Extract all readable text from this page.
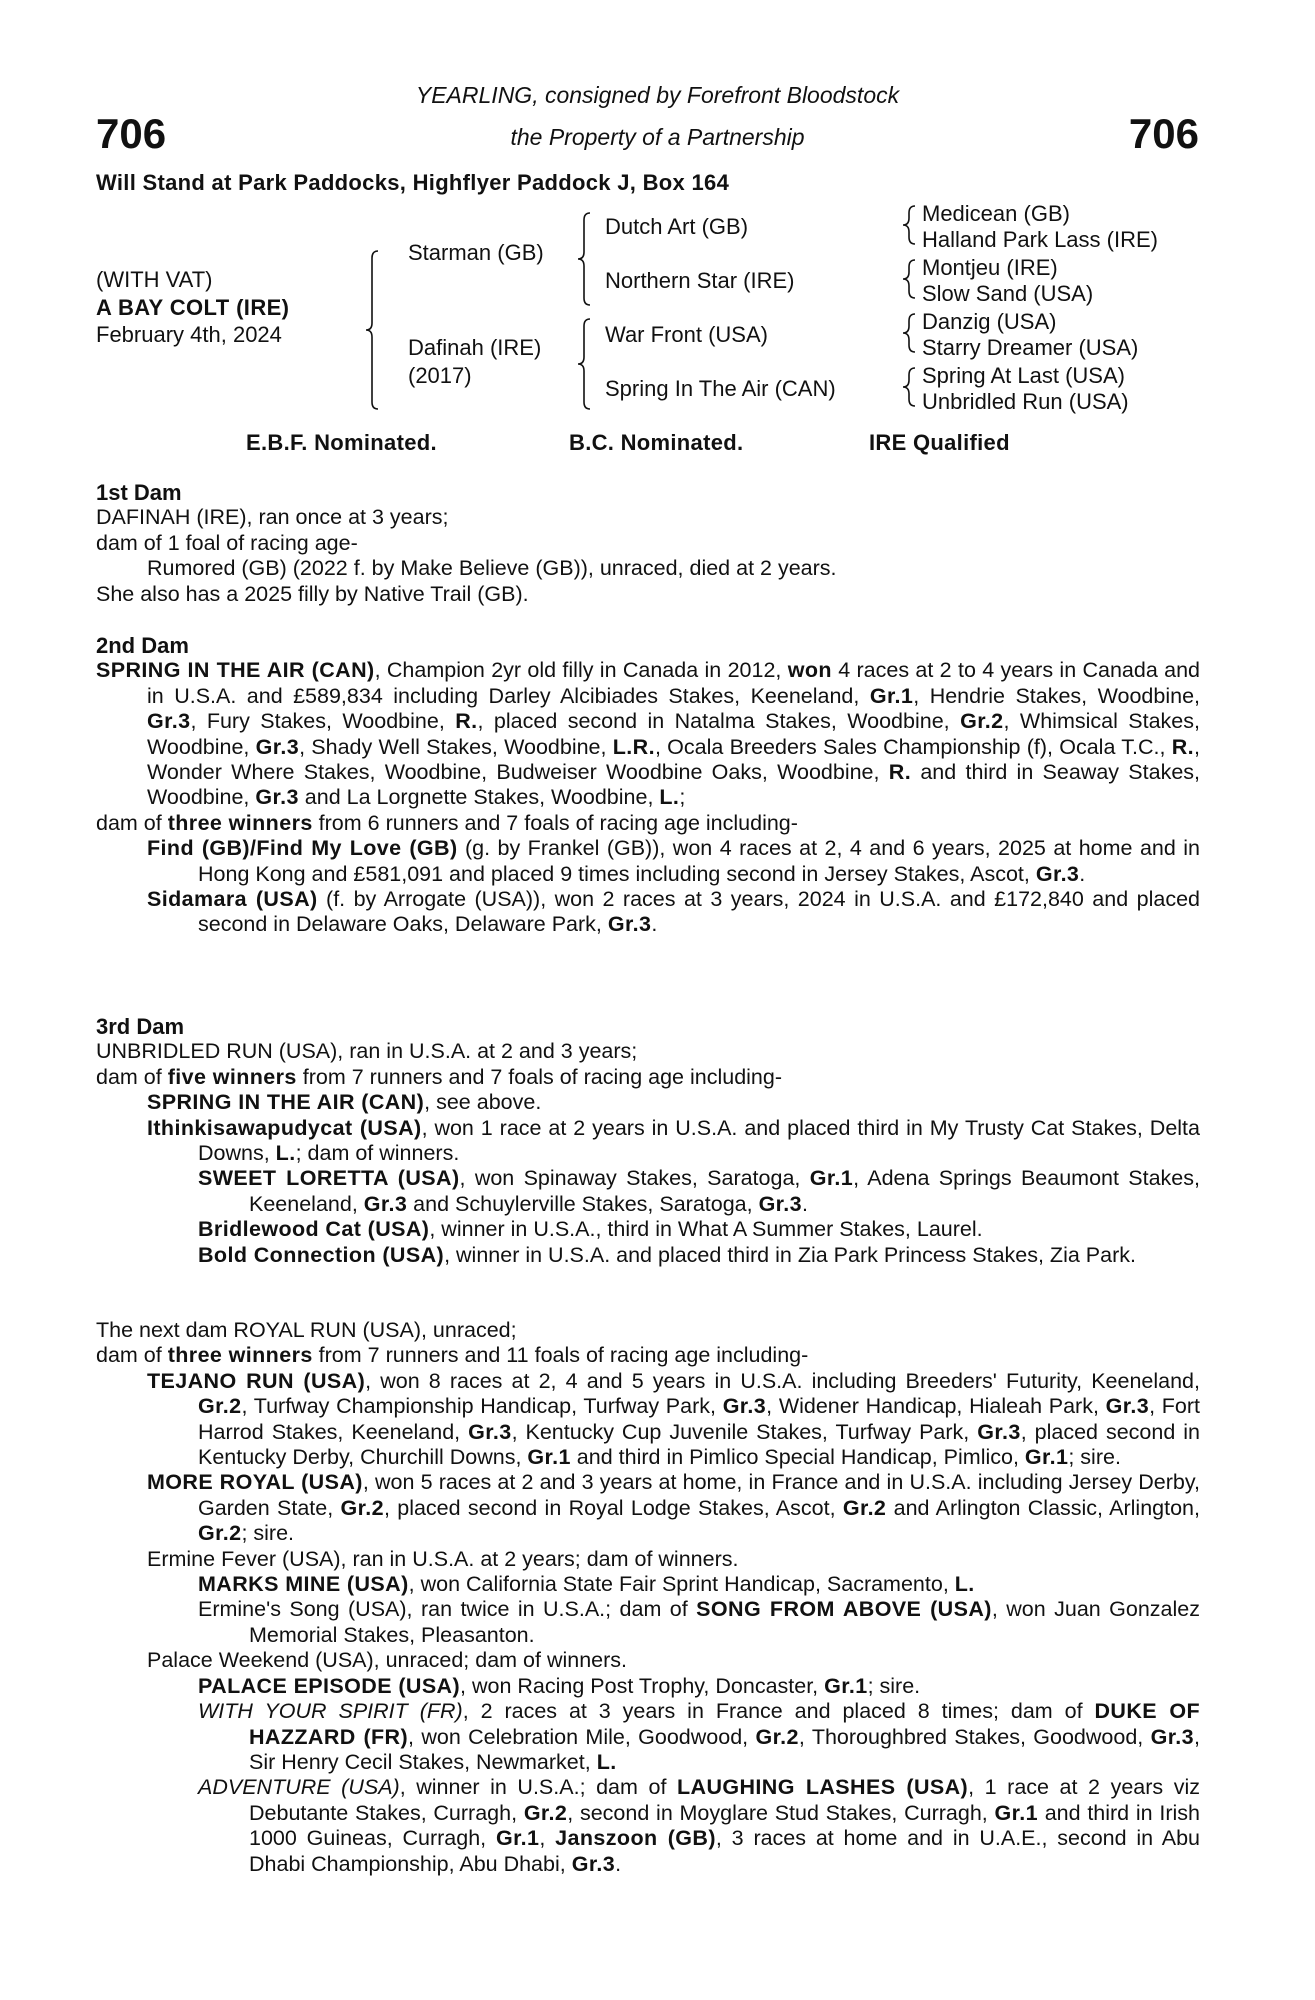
YEARLING, consigned by Forefront Bloodstock
the Property of a Partnership
706	706
Will Stand at Park Paddocks, Highflyer Paddock J, Box 164
(WITH VAT)
A BAY COLT (IRE)
February 4th, 2024
Starman (GB)
Dafinah (IRE)
(2017)
Dutch Art (GB)
Northern Star (IRE)
War Front (USA)
Spring In The Air (CAN)
Medicean (GB)
Halland Park Lass (IRE)
Montjeu (IRE)
Slow Sand (USA)
Danzig (USA)
Starry Dreamer (USA)
Spring At Last (USA)
Unbridled Run (USA)
E.B.F. Nominated.	B.C. Nominated.	IRE Qualified
1st Dam
DAFINAH (IRE), ran once at 3 years;
dam of 1 foal of racing age-
Rumored (GB) (2022 f. by Make Believe (GB)), unraced, died at 2 years.
She also has a 2025 filly by Native Trail (GB).
2nd Dam
SPRING IN THE AIR (CAN), Champion 2yr old filly in Canada in 2012, won 4 races at 2 to 4 years in Canada and in U.S.A. and £589,834 including Darley Alcibiades Stakes, Keeneland, Gr.1, Hendrie Stakes, Woodbine, Gr.3, Fury Stakes, Woodbine, R., placed second in Natalma Stakes, Woodbine, Gr.2, Whimsical Stakes, Woodbine, Gr.3, Shady Well Stakes, Woodbine, L.R., Ocala Breeders Sales Championship (f), Ocala T.C., R., Wonder Where Stakes, Woodbine, Budweiser Woodbine Oaks, Woodbine, R. and third in Seaway Stakes, Woodbine, Gr.3 and La Lorgnette Stakes, Woodbine, L.;
dam of three winners from 6 runners and 7 foals of racing age including-
Find (GB)/Find My Love (GB) (g. by Frankel (GB)), won 4 races at 2, 4 and 6 years, 2025 at home and in Hong Kong and £581,091 and placed 9 times including second in Jersey Stakes, Ascot, Gr.3.
Sidamara (USA) (f. by Arrogate (USA)), won 2 races at 3 years, 2024 in U.S.A. and £172,840 and placed second in Delaware Oaks, Delaware Park, Gr.3.
3rd Dam
UNBRIDLED RUN (USA), ran in U.S.A. at 2 and 3 years;
dam of five winners from 7 runners and 7 foals of racing age including-
SPRING IN THE AIR (CAN), see above.
Ithinkisawapudycat (USA), won 1 race at 2 years in U.S.A. and placed third in My Trusty Cat Stakes, Delta Downs, L.; dam of winners.
SWEET LORETTA (USA), won Spinaway Stakes, Saratoga, Gr.1, Adena Springs Beaumont Stakes, Keeneland, Gr.3 and Schuylerville Stakes, Saratoga, Gr.3.
Bridlewood Cat (USA), winner in U.S.A., third in What A Summer Stakes, Laurel.
Bold Connection (USA), winner in U.S.A. and placed third in Zia Park Princess Stakes, Zia Park.
The next dam ROYAL RUN (USA), unraced;
dam of three winners from 7 runners and 11 foals of racing age including-
TEJANO RUN (USA), won 8 races at 2, 4 and 5 years in U.S.A. including Breeders' Futurity, Keeneland, Gr.2, Turfway Championship Handicap, Turfway Park, Gr.3, Widener Handicap, Hialeah Park, Gr.3, Fort Harrod Stakes, Keeneland, Gr.3, Kentucky Cup Juvenile Stakes, Turfway Park, Gr.3, placed second in Kentucky Derby, Churchill Downs, Gr.1 and third in Pimlico Special Handicap, Pimlico, Gr.1; sire.
MORE ROYAL (USA), won 5 races at 2 and 3 years at home, in France and in U.S.A. including Jersey Derby, Garden State, Gr.2, placed second in Royal Lodge Stakes, Ascot, Gr.2 and Arlington Classic, Arlington, Gr.2; sire.
Ermine Fever (USA), ran in U.S.A. at 2 years; dam of winners.
MARKS MINE (USA), won California State Fair Sprint Handicap, Sacramento, L.
Ermine's Song (USA), ran twice in U.S.A.; dam of SONG FROM ABOVE (USA), won Juan Gonzalez Memorial Stakes, Pleasanton.
Palace Weekend (USA), unraced; dam of winners.
PALACE EPISODE (USA), won Racing Post Trophy, Doncaster, Gr.1; sire.
WITH YOUR SPIRIT (FR), 2 races at 3 years in France and placed 8 times; dam of DUKE OF HAZZARD (FR), won Celebration Mile, Goodwood, Gr.2, Thoroughbred Stakes, Goodwood, Gr.3, Sir Henry Cecil Stakes, Newmarket, L.
ADVENTURE (USA), winner in U.S.A.; dam of LAUGHING LASHES (USA), 1 race at 2 years viz Debutante Stakes, Curragh, Gr.2, second in Moyglare Stud Stakes, Curragh, Gr.1 and third in Irish 1000 Guineas, Curragh, Gr.1, Janszoon (GB), 3 races at home and in U.A.E., second in Abu Dhabi Championship, Abu Dhabi, Gr.3.
